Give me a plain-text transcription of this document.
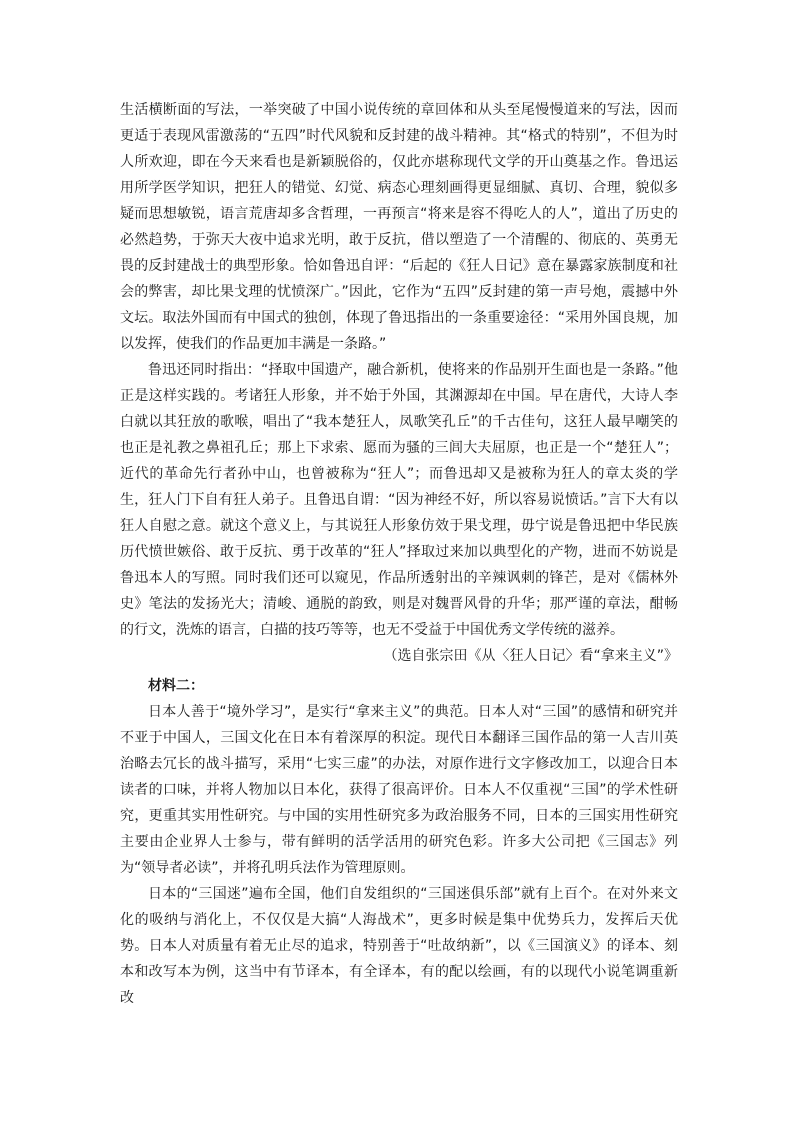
生活横断面的写法，一举突破了中国小说传统的章回体和从头至尾慢慢道来的写法，因而更适于表现风雷激荡的“五四”时代风貌和反封建的战斗精神。其“格式的特别”，不但为时人所欢迎，即在今天来看也是新颖脱俗的，仅此亦堪称现代文学的开山奠基之作。鲁迅运用所学医学知识，把狂人的错觉、幻觉、病态心理刻画得更显细腻、真切、合理，貌似多疑而思想敏锐，语言荒唐却多含哲理，一再预言“将来是容不得吃人的人”，道出了历史的必然趋势，于弥天大夜中追求光明，敢于反抗，借以塑造了一个清醒的、彻底的、英勇无畏的反封建战士的典型形象。恰如鲁迅自评：“后起的《狂人日记》意在暴露家族制度和社会的弊害，却比果戈理的忧愤深广。”因此，它作为“五四”反封建的第一声号炮，震撼中外文坛。取法外国而有中国式的独创，体现了鲁迅指出的一条重要途径：“采用外国良规，加以发挥，使我们的作品更加丰满是一条路。”

鲁迅还同时指出：“择取中国遗产，融合新机，使将来的作品别开生面也是一条路。”他正是这样实践的。考诸狂人形象，并不始于外国，其渊源却在中国。早在唐代，大诗人李白就以其狂放的歌喉，唱出了“我本楚狂人，凤歌笑孔丘”的千古佳句，这狂人最早嘲笑的也正是礼教之鼻祖孔丘；那上下求索、愿而为骚的三闾大夫屈原，也正是一个“楚狂人”；近代的革命先行者孙中山，也曾被称为“狂人”；而鲁迅却又是被称为狂人的章太炎的学生，狂人门下自有狂人弟子。且鲁迅自谓：“因为神经不好，所以容易说愤话。”言下大有以狂人自慰之意。就这个意义上，与其说狂人形象仿效于果戈理，毋宁说是鲁迅把中华民族历代愤世嫉俗、敢于反抗、勇于改革的“狂人”择取过来加以典型化的产物，进而不妨说是鲁迅本人的写照。同时我们还可以窥见，作品所透射出的辛辣讽刺的锋芒，是对《儒林外史》笔法的发扬光大；清峻、通脱的韵致，则是对魏晋风骨的升华；那严谨的章法，酣畅的行文，洗炼的语言，白描的技巧等等，也无不受益于中国优秀文学传统的滋养。

（选自张宗田《从〈狂人日记〉看“拿来主义”》

材料二：

日本人善于“境外学习”，是实行“拿来主义”的典范。日本人对“三国”的感情和研究并不亚于中国人，三国文化在日本有着深厚的积淀。现代日本翻译三国作品的第一人吉川英治略去冗长的战斗描写，采用“七实三虚”的办法，对原作进行文字修改加工，以迎合日本读者的口味，并将人物加以日本化，获得了很高评价。日本人不仅重视“三国”的学术性研究，更重其实用性研究。与中国的实用性研究多为政治服务不同，日本的三国实用性研究主要由企业界人士参与，带有鲜明的活学活用的研究色彩。许多大公司把《三国志》列为“领导者必读”，并将孔明兵法作为管理原则。

日本的“三国迷”遍布全国，他们自发组织的“三国迷俱乐部”就有上百个。在对外来文化的吸纳与消化上，不仅仅是大搞“人海战术”，更多时候是集中优势兵力，发挥后天优势。日本人对质量有着无止尽的追求，特别善于“吐故纳新”，以《三国演义》的译本、刻本和改写本为例，这当中有节译本，有全译本，有的配以绘画，有的以现代小说笔调重新改
